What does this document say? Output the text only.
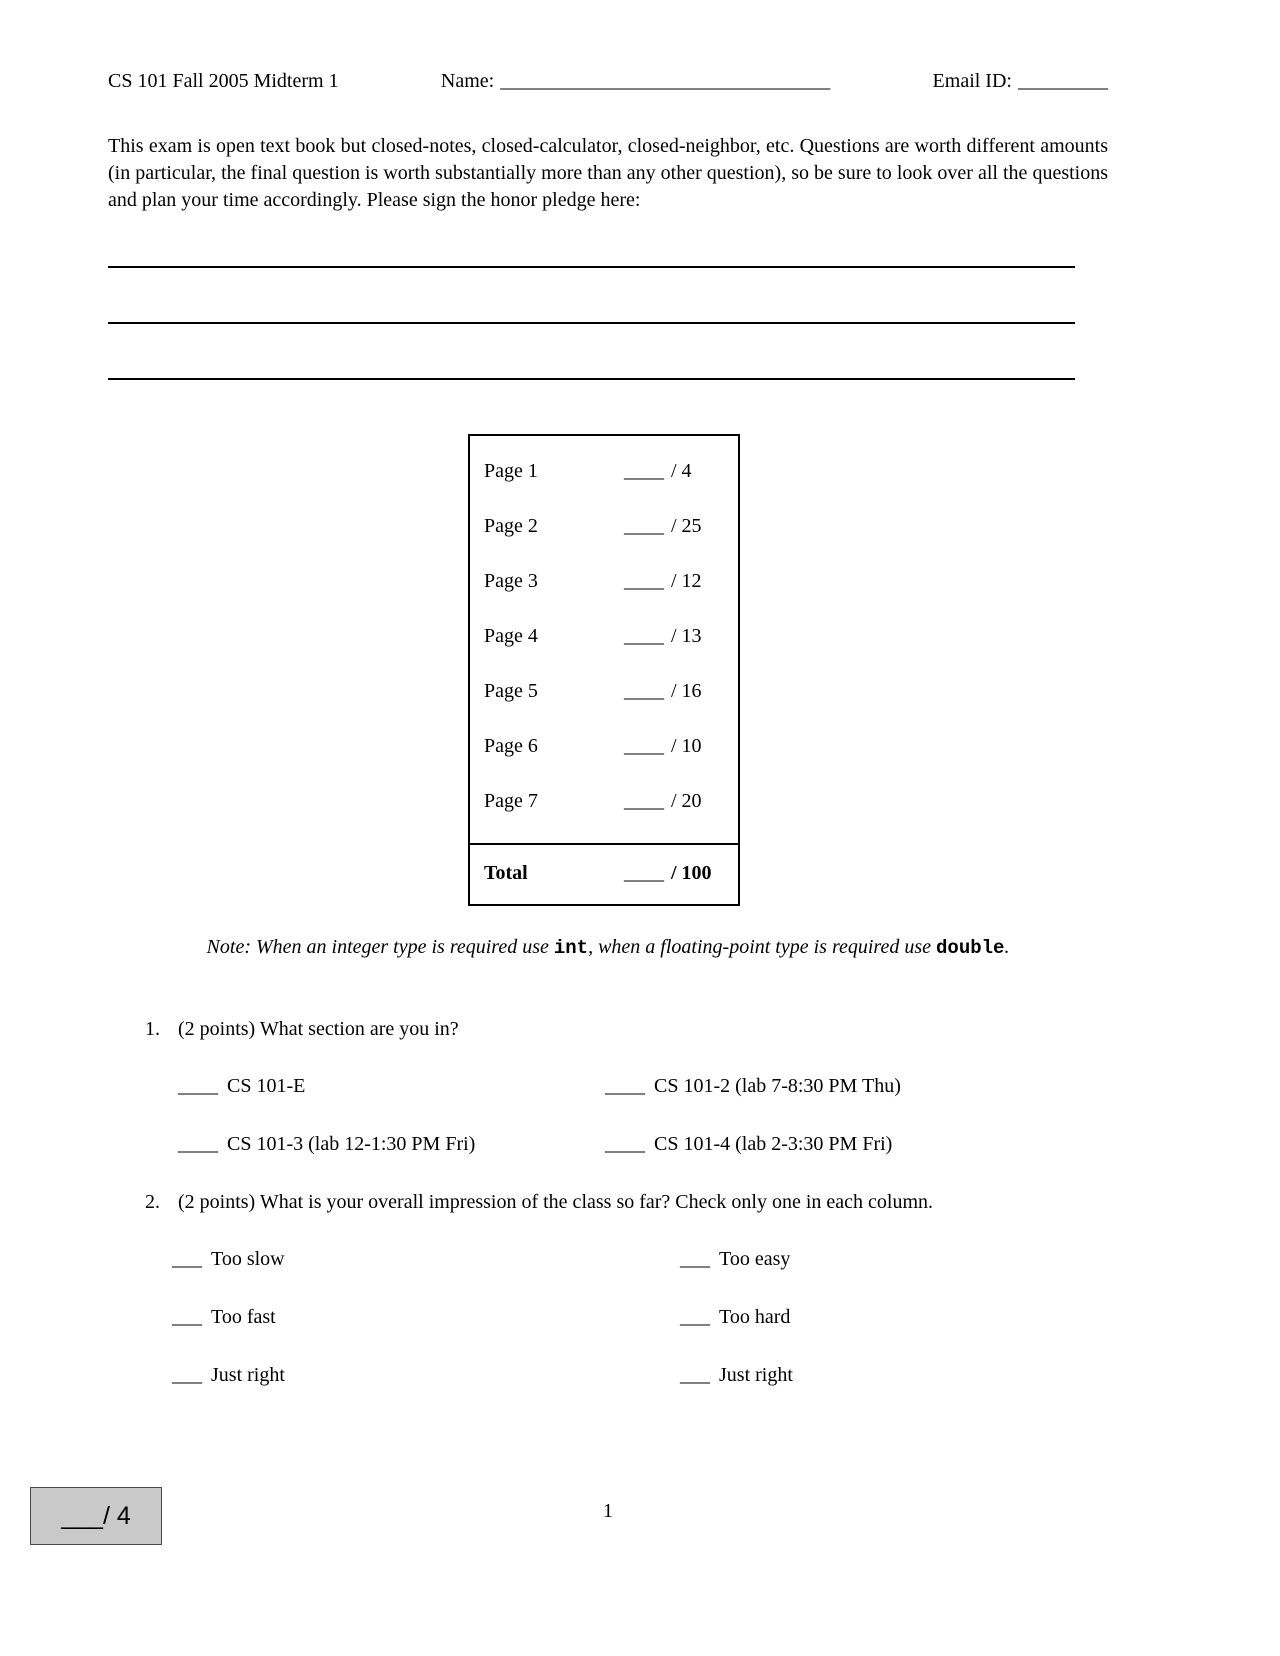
CS 101 Fall 2005 Midterm 1	Name: _________________________________	Email ID: _________

This exam is open text book but closed-notes, closed-calculator, closed-neighbor, etc. Questions are worth different amounts (in particular, the final question is worth substantially more than any other question), so be sure to look over all the questions and plan your time accordingly. Please sign the honor pledge here:

Page 1	____ / 4
Page 2	____ / 25
Page 3	____ / 12
Page 4	____ / 13
Page 5	____ / 16
Page 6	____ / 10
Page 7	____ / 20
Total	____ / 100

Note: When an integer type is required use int, when a floating-point type is required use double.

1. (2 points) What section are you in?
____ CS 101-E	____ CS 101-2 (lab 7-8:30 PM Thu)
____ CS 101-3 (lab 12-1:30 PM Fri)	____ CS 101-4 (lab 2-3:30 PM Fri)
2. (2 points) What is your overall impression of the class so far? Check only one in each column.
___ Too slow	___ Too easy
___ Too fast	___ Too hard
___ Just right	___ Just right
1
___/ 4
